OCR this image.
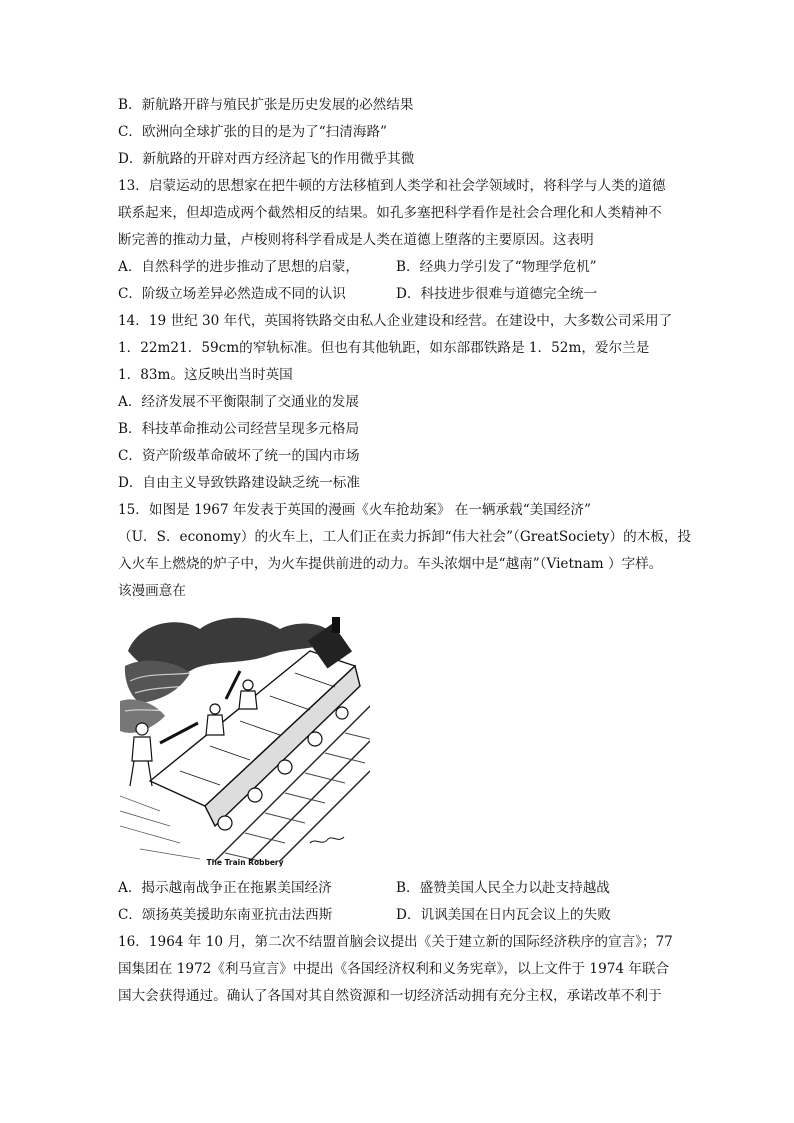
B．新航路开辟与殖民扩张是历史发展的必然结果
C．欧洲向全球扩张的目的是为了“扫清海路”
D．新航路的开辟对西方经济起飞的作用微乎其微
13．启蒙运动的思想家在把牛顿的方法移植到人类学和社会学领域时，将科学与人类的道德
联系起来，但却造成两个截然相反的结果。如孔多塞把科学看作是社会合理化和人类精神不
断完善的推动力量，卢梭则将科学看成是人类在道德上堕落的主要原因。这表明
A．自然科学的进步推动了思想的启蒙，	B．经典力学引发了“物理学危机”
C．阶级立场差异必然造成不同的认识	D．科技进步很难与道德完全统一
14．19 世纪 30 年代，英国将铁路交由私人企业建设和经营。在建设中，大多数公司采用了
1．22m21．59cm的窄轨标准。但也有其他轨距，如东部郡铁路是 1．52m，爱尔兰是
1．83m。这反映出当时英国
A．经济发展不平衡限制了交通业的发展
B．科技革命推动公司经营呈现多元格局
C．资产阶级革命破坏了统一的国内市场
D．自由主义导致铁路建设缺乏统一标准
15．如图是 1967 年发表于英国的漫画《火车抢劫案》 在一辆承载“美国经济”
（U．S．economy）的火车上，工人们正在卖力拆卸“伟大社会”（GreatSociety）的木板，投
入火车上燃烧的炉子中，为火车提供前进的动力。车头浓烟中是“越南”（Vietnam ）字样。
该漫画意在
The Train Robbery
A．揭示越南战争正在拖累美国经济	B．盛赞美国人民全力以赴支持越战
C．颂扬英美援助东南亚抗击法西斯	D．讥讽美国在日内瓦会议上的失败
16．1964 年 10 月，第二次不结盟首脑会议提出《关于建立新的国际经济秩序的宣言》；77
国集团在 1972《利马宣言》中提出《各国经济权利和义务宪章》，以上文件于 1974 年联合
国大会获得通过。确认了各国对其自然资源和一切经济活动拥有充分主权，承诺改革不利于
